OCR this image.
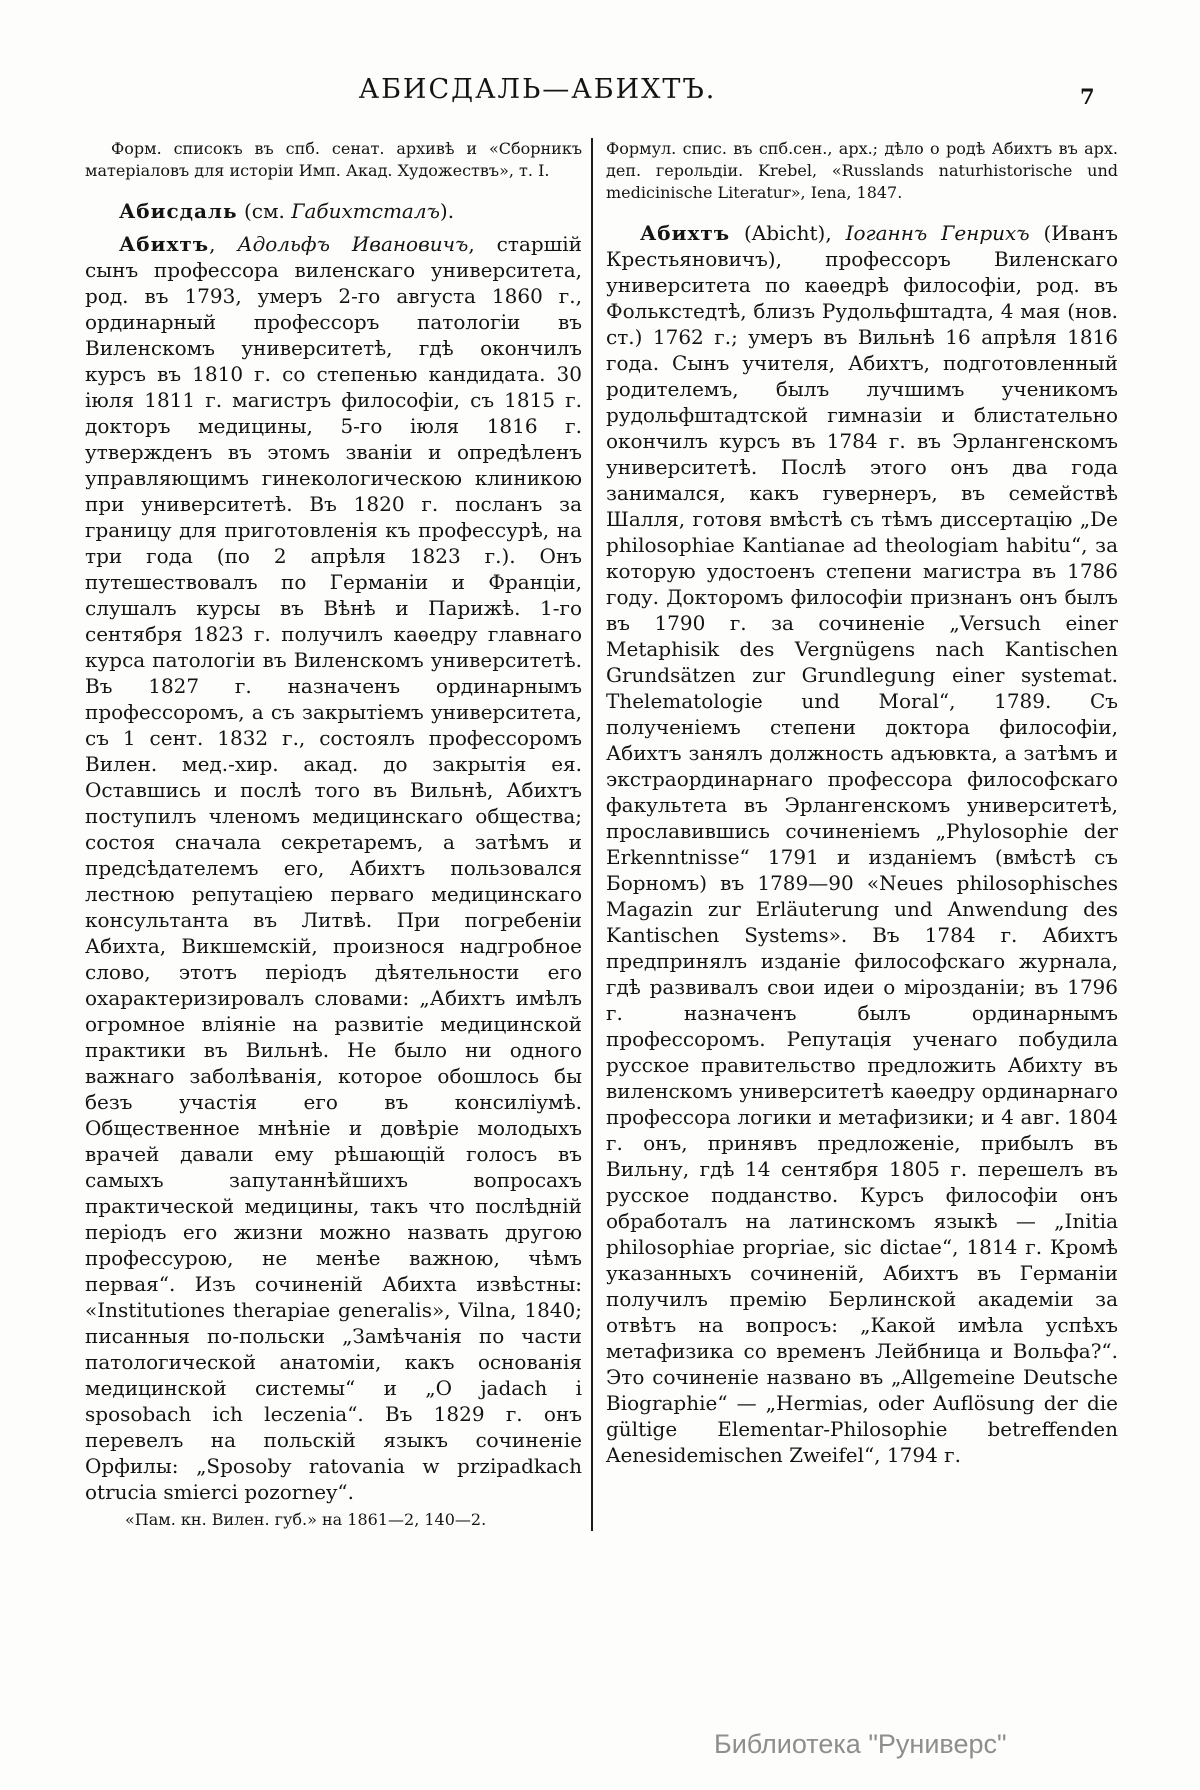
АБИСДАЛЬ—АБИХТЪ.	7

Форм. списокъ въ спб. сенат. архивѣ и «Сборникъ матеріаловъ для исторіи Имп. Акад. Художествъ», т. I.

Абисдаль (см. Габихтсталъ).

Абихтъ, Адольфъ Ивановичъ, старшій сынъ профессора виленскаго университета, род. въ 1793, умеръ 2-го августа 1860 г., ординарный профессоръ патологіи въ Виленскомъ университетѣ, гдѣ окончилъ курсъ въ 1810 г. со степенью кандидата. 30 іюля 1811 г. магистръ философіи, съ 1815 г. докторъ медицины, 5-го іюля 1816 г. утвержденъ въ этомъ званіи и опредѣленъ управляющимъ гинекологическою клиникою при университетѣ. Въ 1820 г. посланъ за границу для приготовленія къ профессурѣ, на три года (по 2 апрѣля 1823 г.). Онъ путешествовалъ по Германіи и Франціи, слушалъ курсы въ Вѣнѣ и Парижѣ. 1-го сентября 1823 г. получилъ каѳедру главнаго курса патологіи въ Виленскомъ университетѣ. Въ 1827 г. назначенъ ординарнымъ профессоромъ, а съ закрытіемъ университета, съ 1 сент. 1832 г., состоялъ профессоромъ Вилен. мед.-хир. акад. до закрытія ея. Оставшись и послѣ того въ Вильнѣ, Абихтъ поступилъ членомъ медицинскаго общества; состоя сначала секретаремъ, а затѣмъ и предсѣдателемъ его, Абихтъ пользовался лестною репутаціею перваго медицинскаго консультанта въ Литвѣ. При погребеніи Абихта, Викшемскій, произнося надгробное слово, этотъ періодъ дѣятельности его охарактеризировалъ словами: „Абихтъ имѣлъ огромное вліяніе на развитіе медицинской практики въ Вильнѣ. Не было ни одного важнаго заболѣванія, которое обошлось бы безъ участія его въ консиліумѣ. Общественное мнѣніе и довѣріе молодыхъ врачей давали ему рѣшающій голосъ въ самыхъ запутаннѣйшихъ вопросахъ практической медицины, такъ что послѣдній періодъ его жизни можно назвать другою профессурою, не менѣе важною, чѣмъ первая“. Изъ сочиненій Абихта извѣстны: «Institutiones therapiae generalis», Vilna, 1840; писанныя по-польски „Замѣчанія по части патологической анатоміи, какъ основанія медицинской системы“ и „O jadach i sposobach ich leczenia“. Въ 1829 г. онъ перевелъ на польскій языкъ сочиненіе Орфилы: „Sposoby ratovania w przipadkach otrucia smierci pozorney“.

«Пам. кн. Вилен. губ.» на 1861—2, 140—2.

Формул. спис. въ спб.сен., арх.; дѣло о родѣ Абихтъ въ арх. деп. герольдіи. Krebel, «Russlands naturhistorische und medicinische Literatur», Iena, 1847.

Абихтъ (Abicht), Іоганнъ Генрихъ (Иванъ Крестьяновичъ), профессоръ Виленскаго университета по каѳедрѣ философіи, род. въ Фолькстедтѣ, близъ Рудольфштадта, 4 мая (нов. ст.) 1762 г.; умеръ въ Вильнѣ 16 апрѣля 1816 года. Сынъ учителя, Абихтъ, подготовленный родителемъ, былъ лучшимъ ученикомъ рудольфштадтской гимназіи и блистательно окончилъ курсъ въ 1784 г. въ Эрлангенскомъ университетѣ. Послѣ этого онъ два года занимался, какъ гувернеръ, въ семействѣ Шалля, готовя вмѣстѣ съ тѣмъ диссертацію „De philosophiae Kantianae ad theologiam habitu“, за которую удостоенъ степени магистра въ 1786 году. Докторомъ философіи признанъ онъ былъ въ 1790 г. за сочиненіе „Versuch einer Metaphisik des Vergnügens nach Kantischen Grundsätzen zur Grundlegung einer systemat. Thelematologie und Moral“, 1789. Съ полученіемъ степени доктора философіи, Абихтъ занялъ должность адъювкта, а затѣмъ и экстраординарнаго профессора философскаго факультета въ Эрлангенскомъ университетѣ, прославившись сочиненіемъ „Phylosophie der Erkenntnisse“ 1791 и изданіемъ (вмѣстѣ съ Борномъ) въ 1789—90 «Neues philosophisches Magazin zur Erläuterung und Anwendung des Kantischen Systems». Въ 1784 г. Абихтъ предпринялъ изданіе философскаго журнала, гдѣ развивалъ свои идеи о мірозданіи; въ 1796 г. назначенъ былъ ординарнымъ профессоромъ. Репутація ученаго побудила русское правительство предложить Абихту въ виленскомъ университетѣ каѳедру ординарнаго профессора логики и метафизики; и 4 авг. 1804 г. онъ, принявъ предложеніе, прибылъ въ Вильну, гдѣ 14 сентября 1805 г. перешелъ въ русское подданство. Курсъ философіи онъ обработалъ на латинскомъ языкѣ — „Initia philosophiae propriae, sic dictae“, 1814 г. Кромѣ указанныхъ сочиненій, Абихтъ въ Германіи получилъ премію Берлинской академіи за отвѣтъ на вопросъ: „Какой имѣла успѣхъ метафизика со временъ Лейбница и Вольфа?“. Это сочиненіе названо въ „Allgemeine Deutsche Biographie“ — „Hermias, oder Auflösung der die gültige Elementar-Philosophie betreffenden Aenesidemischen Zweifel“, 1794 г.

Библиотека "Руниверс"
